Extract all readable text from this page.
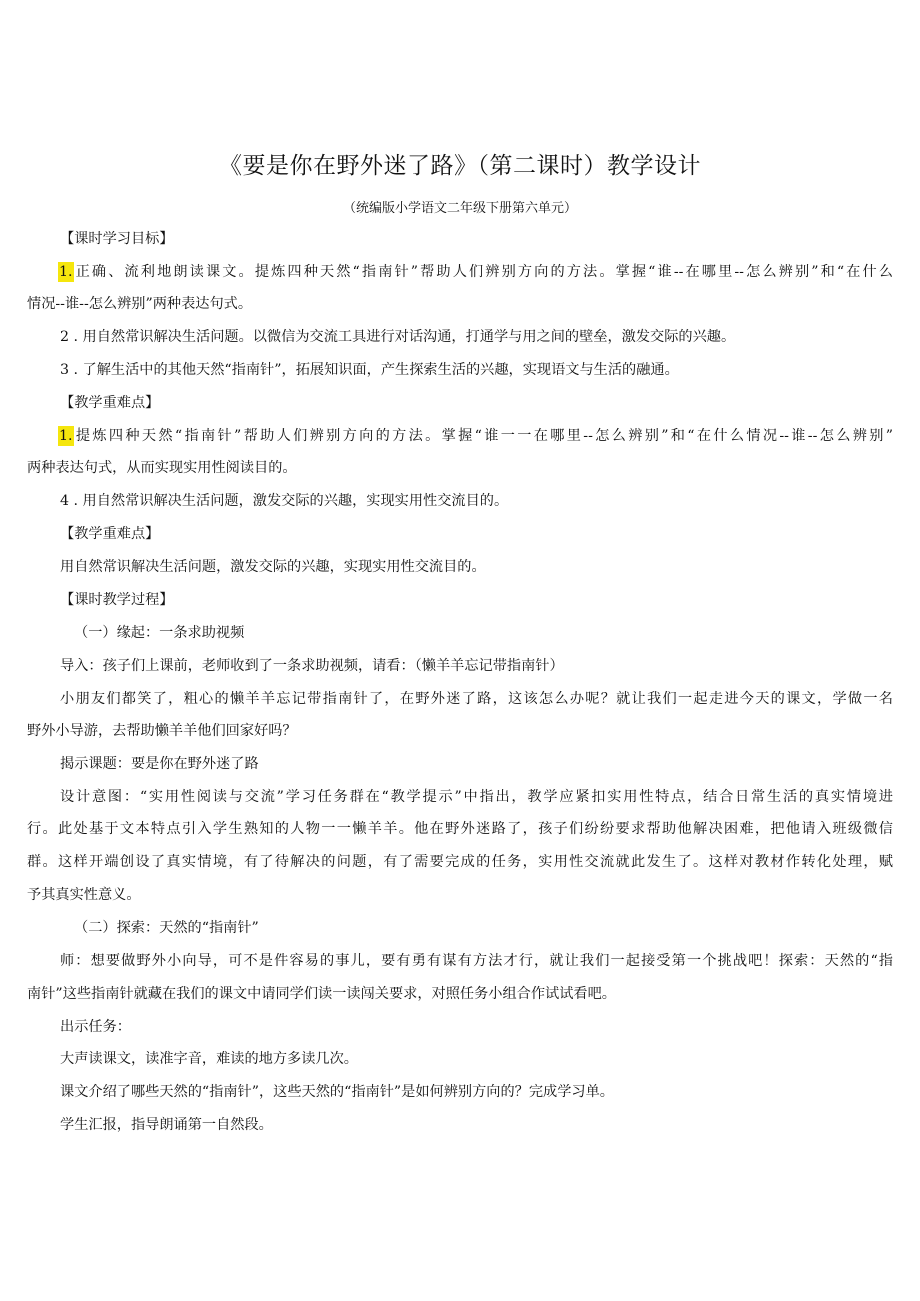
《要是你在野外迷了路》（第二课时）教学设计
（统编版小学语文二年级下册第六单元）
【课时学习目标】
1.正确、流利地朗读课文。提炼四种天然“指南针”帮助人们辨别方向的方法。掌握“谁--在哪里--怎么辨别”和“在什么
情况--谁--怎么辨别”两种表达句式。
2 . 用自然常识解决生活问题。以微信为交流工具进行对话沟通，打通学与用之间的壁垒，激发交际的兴趣。
3 . 了解生活中的其他天然“指南针”，拓展知识面，产生探索生活的兴趣，实现语文与生活的融通。
【教学重难点】
1.提炼四种天然“指南针”帮助人们辨别方向的方法。掌握“谁一一在哪里--怎么辨别”和“在什么情况--谁--怎么辨别”
两种表达句式，从而实现实用性阅读目的。
4 . 用自然常识解决生活问题，激发交际的兴趣，实现实用性交流目的。
【教学重难点】
用自然常识解决生活问题，激发交际的兴趣，实现实用性交流目的。
【课时教学过程】
（一）缘起：一条求助视频
导入：孩子们上课前，老师收到了一条求助视频，请看：（懒羊羊忘记带指南针）
小朋友们都笑了，粗心的懒羊羊忘记带指南针了，在野外迷了路，这该怎么办呢？就让我们一起走进今天的课文，学做一名
野外小导游，去帮助懒羊羊他们回家好吗？
揭示课题：要是你在野外迷了路
设计意图：“实用性阅读与交流”学习任务群在“教学提示”中指出，教学应紧扣实用性特点，结合日常生活的真实情境进
行。此处基于文本特点引入学生熟知的人物一一懒羊羊。他在野外迷路了，孩子们纷纷要求帮助他解决困难，把他请入班级微信
群。这样开端创设了真实情境，有了待解决的问题，有了需要完成的任务，实用性交流就此发生了。这样对教材作转化处理，赋
予其真实性意义。
（二）探索：天然的“指南针”
师：想要做野外小向导，可不是件容易的事儿，要有勇有谋有方法才行，就让我们一起接受第一个挑战吧！探索：天然的“指
南针”这些指南针就藏在我们的课文中请同学们读一读闯关要求，对照任务小组合作试试看吧。
出示任务：
大声读课文，读准字音，难读的地方多读几次。
课文介绍了哪些天然的“指南针”，这些天然的“指南针”是如何辨别方向的？完成学习单。
学生汇报，指导朗诵第一自然段。
